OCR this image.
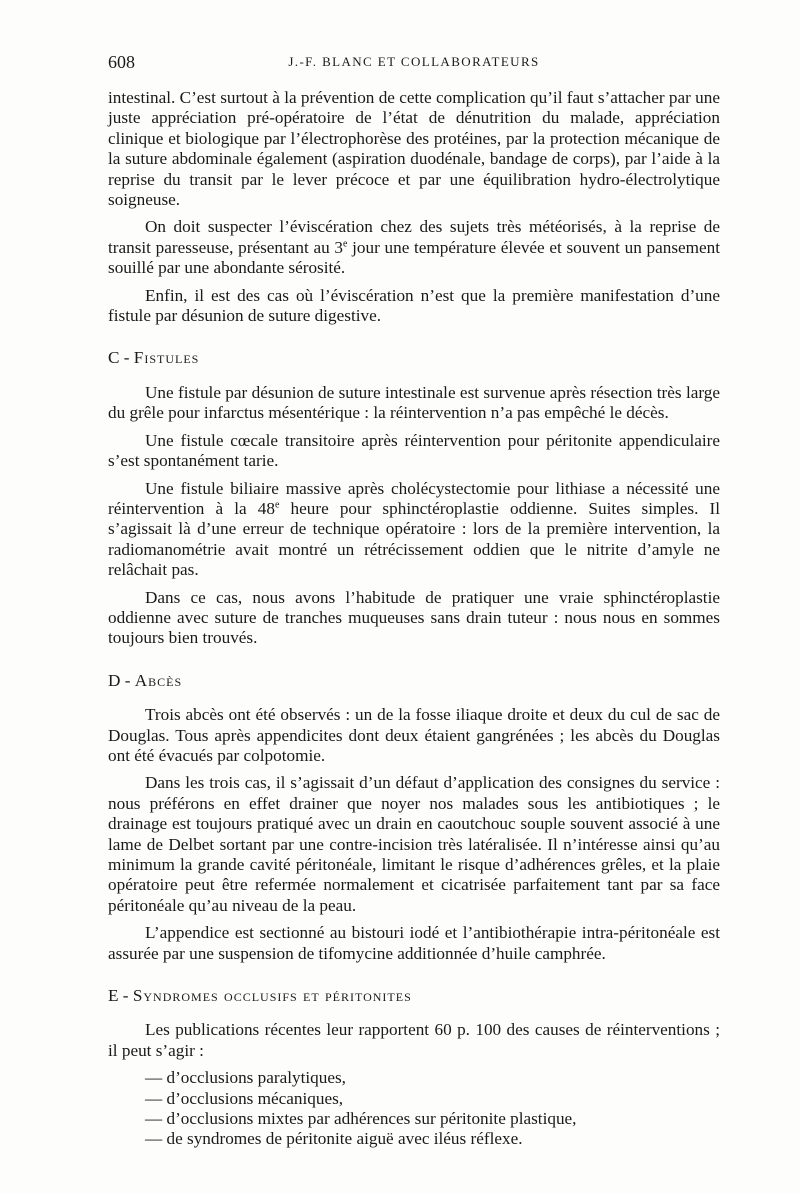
608	J.-F. BLANC ET COLLABORATEURS

intestinal. C’est surtout à la prévention de cette complication qu’il faut s’attacher par une juste appréciation pré-opératoire de l’état de dénutrition du malade, appréciation clinique et biologique par l’électrophorèse des protéines, par la protection mécanique de la suture abdominale également (aspiration duodénale, bandage de corps), par l’aide à la reprise du transit par le lever précoce et par une équilibration hydro-électrolytique soigneuse.

On doit suspecter l’éviscération chez des sujets très météorisés, à la reprise de transit paresseuse, présentant au 3e jour une température élevée et souvent un pansement souillé par une abondante sérosité.

Enfin, il est des cas où l’éviscération n’est que la première manifestation d’une fistule par désunion de suture digestive.

C - Fistules

Une fistule par désunion de suture intestinale est survenue après résection très large du grêle pour infarctus mésentérique : la réintervention n’a pas empêché le décès.

Une fistule cœcale transitoire après réintervention pour péritonite appendiculaire s’est spontanément tarie.

Une fistule biliaire massive après cholécystectomie pour lithiase a nécessité une réintervention à la 48e heure pour sphinctéroplastie oddienne. Suites simples. Il s’agissait là d’une erreur de technique opératoire : lors de la première intervention, la radiomanométrie avait montré un rétrécissement oddien que le nitrite d’amyle ne relâchait pas.

Dans ce cas, nous avons l’habitude de pratiquer une vraie sphinctéroplastie oddienne avec suture de tranches muqueuses sans drain tuteur : nous nous en sommes toujours bien trouvés.

D - Abcès

Trois abcès ont été observés : un de la fosse iliaque droite et deux du cul de sac de Douglas. Tous après appendicites dont deux étaient gangrénées ; les abcès du Douglas ont été évacués par colpotomie.

Dans les trois cas, il s’agissait d’un défaut d’application des consignes du service : nous préférons en effet drainer que noyer nos malades sous les antibiotiques ; le drainage est toujours pratiqué avec un drain en caoutchouc souple souvent associé à une lame de Delbet sortant par une contre-incision très latéralisée. Il n’intéresse ainsi qu’au minimum la grande cavité péritonéale, limitant le risque d’adhérences grêles, et la plaie opératoire peut être refermée normalement et cicatrisée parfaitement tant par sa face péritonéale qu’au niveau de la peau.

L’appendice est sectionné au bistouri iodé et l’antibiothérapie intra-péritonéale est assurée par une suspension de tifomycine additionnée d’huile camphrée.

E - Syndromes occlusifs et péritonites

Les publications récentes leur rapportent 60 p. 100 des causes de réinterventions ; il peut s’agir :

— d’occlusions paralytiques,
— d’occlusions mécaniques,
— d’occlusions mixtes par adhérences sur péritonite plastique,
— de syndromes de péritonite aiguë avec iléus réflexe.
